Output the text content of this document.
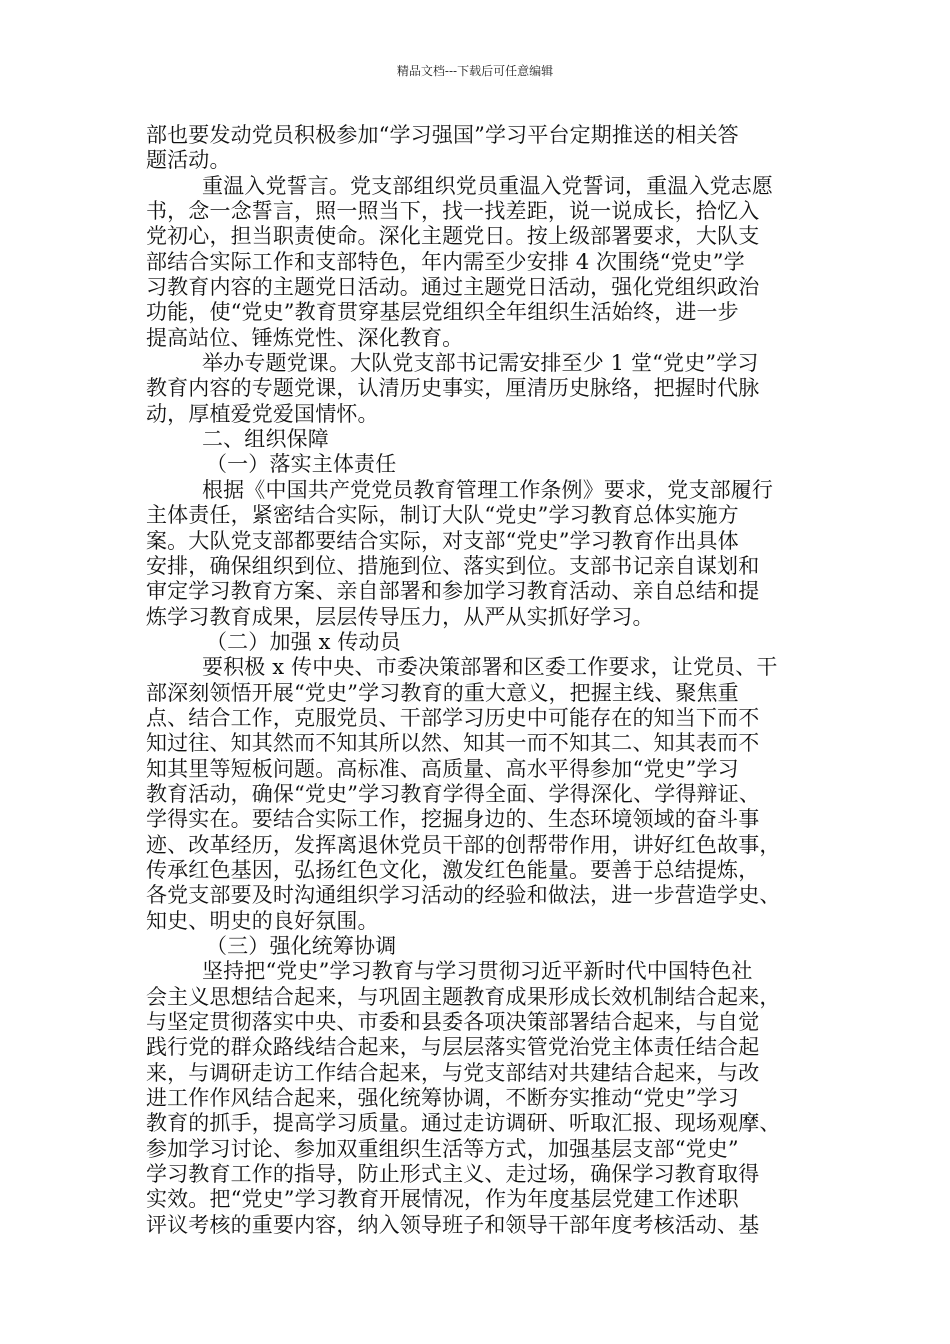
精品文档---下载后可任意编辑
部也要发动党员积极参加“学习强国”学习平台定期推送的相关答
题活动。
重温入党誓言。党支部组织党员重温入党誓词，重温入党志愿
书，念一念誓言，照一照当下，找一找差距，说一说成长，拾忆入
党初心，担当职责使命。深化主题党日。按上级部署要求，大队支
部结合实际工作和支部特色，年内需至少安排 4 次围绕“党史”学
习教育内容的主题党日活动。通过主题党日活动，强化党组织政治
功能，使“党史”教育贯穿基层党组织全年组织生活始终，进一步
提高站位、锤炼党性、深化教育。
举办专题党课。大队党支部书记需安排至少 1 堂“党史”学习
教育内容的专题党课，认清历史事实，厘清历史脉络，把握时代脉
动，厚植爱党爱国情怀。
二、组织保障
（一）落实主体责任
根据《中国共产党党员教育管理工作条例》要求，党支部履行
主体责任，紧密结合实际，制订大队“党史”学习教育总体实施方
案。大队党支部都要结合实际，对支部“党史”学习教育作出具体
安排，确保组织到位、措施到位、落实到位。支部书记亲自谋划和
审定学习教育方案、亲自部署和参加学习教育活动、亲自总结和提
炼学习教育成果，层层传导压力，从严从实抓好学习。
（二）加强 x 传动员
要积极 x 传中央、市委决策部署和区委工作要求，让党员、干
部深刻领悟开展“党史”学习教育的重大意义，把握主线、聚焦重
点、结合工作，克服党员、干部学习历史中可能存在的知当下而不
知过往、知其然而不知其所以然、知其一而不知其二、知其表而不
知其里等短板问题。高标准、高质量、高水平得参加“党史”学习
教育活动，确保“党史”学习教育学得全面、学得深化、学得辩证、
学得实在。要结合实际工作，挖掘身边的、生态环境领域的奋斗事
迹、改革经历，发挥离退休党员干部的创帮带作用，讲好红色故事，
传承红色基因，弘扬红色文化，激发红色能量。要善于总结提炼，
各党支部要及时沟通组织学习活动的经验和做法，进一步营造学史、
知史、明史的良好氛围。
（三）强化统筹协调
坚持把“党史”学习教育与学习贯彻习近平新时代中国特色社
会主义思想结合起来，与巩固主题教育成果形成长效机制结合起来，
与坚定贯彻落实中央、市委和县委各项决策部署结合起来，与自觉
践行党的群众路线结合起来，与层层落实管党治党主体责任结合起
来，与调研走访工作结合起来，与党支部结对共建结合起来，与改
进工作作风结合起来，强化统筹协调，不断夯实推动“党史”学习
教育的抓手，提高学习质量。通过走访调研、听取汇报、现场观摩、
参加学习讨论、参加双重组织生活等方式，加强基层支部“党史”
学习教育工作的指导，防止形式主义、走过场，确保学习教育取得
实效。把“党史”学习教育开展情况，作为年度基层党建工作述职
评议考核的重要内容，纳入领导班子和领导干部年度考核活动、基
